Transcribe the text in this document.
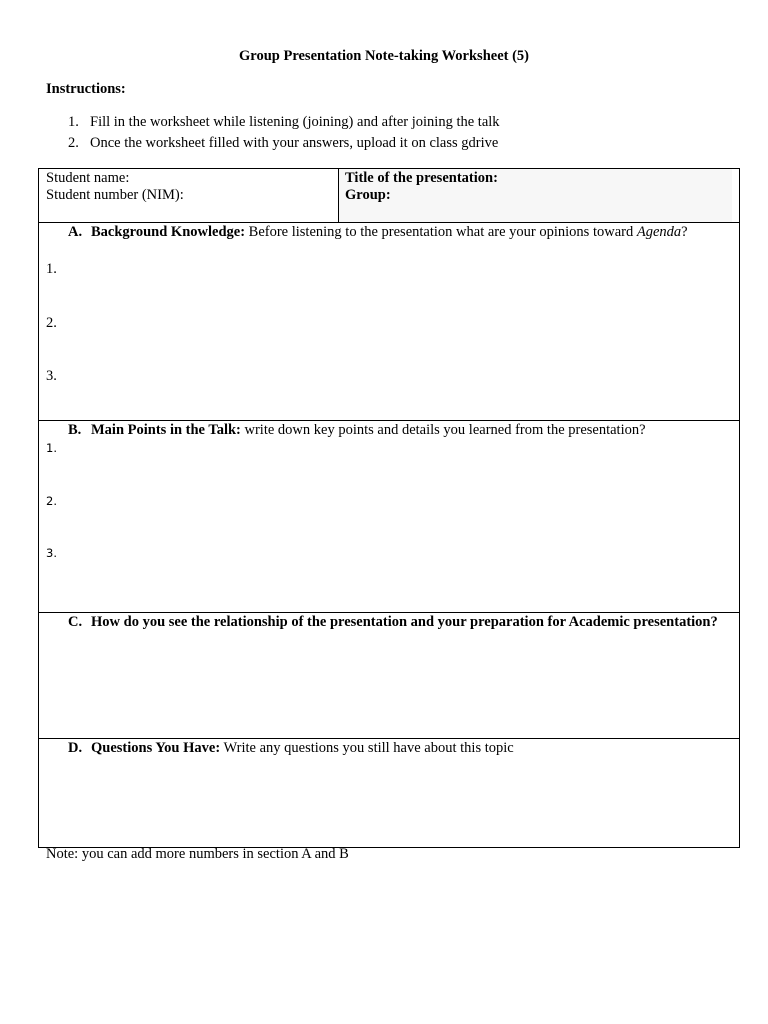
Group Presentation Note-taking Worksheet (5)
Instructions:
1. Fill in the worksheet while listening (joining) and after joining the talk
2. Once the worksheet filled with your answers, upload it on class gdrive
Student name:
Student number (NIM):
Title of the presentation:
Group:
A. Background Knowledge: Before listening to the presentation what are your opinions toward Agenda?
1.
2.
3.
B. Main Points in the Talk: write down key points and details you learned from the presentation?
1.
2.
3.
C. How do you see the relationship of the presentation and your preparation for Academic presentation?
D. Questions You Have: Write any questions you still have about this topic
Note: you can add more numbers in section A and B
